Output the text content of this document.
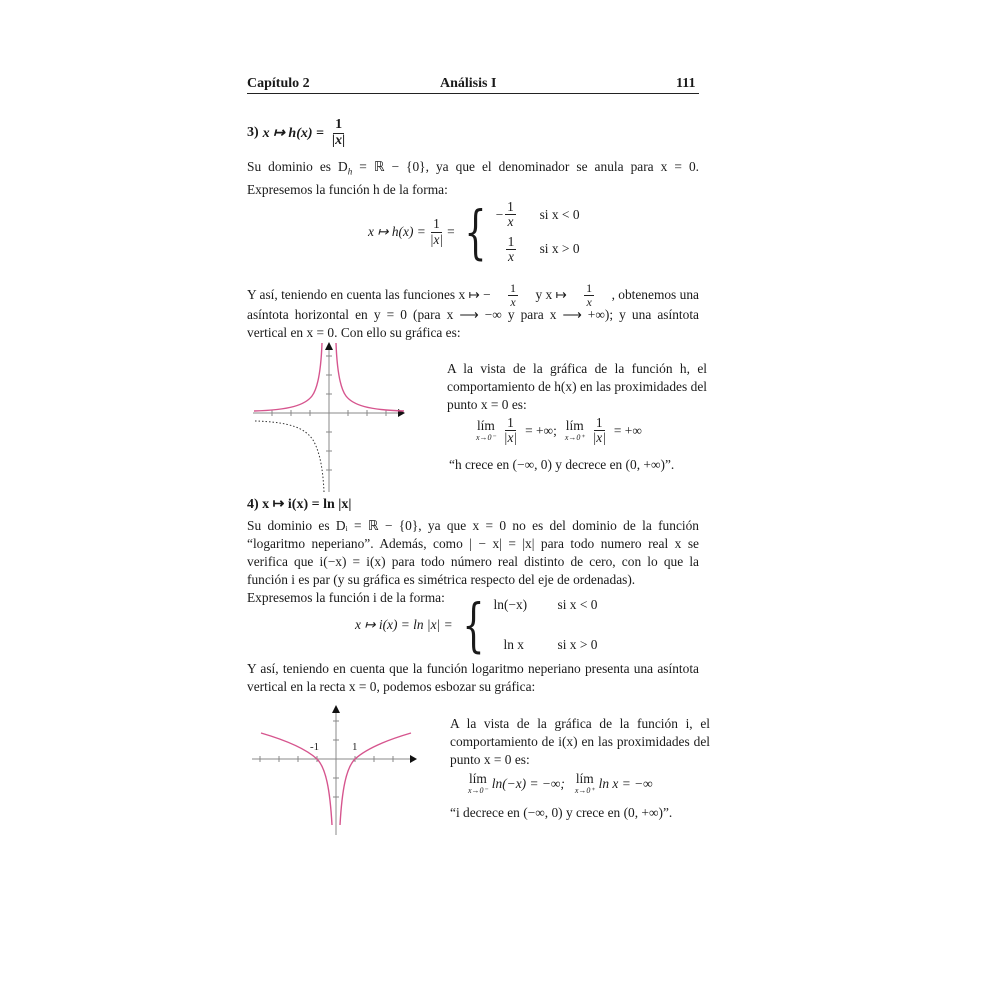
Capítulo 2	Análisis I	111
3) x ↦ $h(x) = \frac{1}{|x|}$
Su dominio es $D_h$ = ℝ − {0}, ya que el denominador se anula para x = 0.
Expresemos la función h de la forma:
x ↦ $h(x) = \frac{1}{|x|}$ = { − $\frac{1}{x}$ si x < 0
$\frac{1}{x}$ si x > 0
Y así, teniendo en cuenta las funciones x ↦ − $\frac{1}{x}$ y x ↦ $\frac{1}{x}$ , obtenemos una
asíntota horizontal en y = 0 (para x ⟶ −∞ y para x ⟶ +∞); y una asíntota
vertical en x = 0. Con ello su gráfica es:
A la vista de la gráfica de la función h, el comportamiento de h(x) en las proximidades del punto x = 0 es:
lím
$x\to 0^- \frac{1}{|x|}$ = +∞; lím
$x\to 0^+ \frac{1}{|x|}$ = +∞
“h crece en (−∞, 0) y decrece en (0, +∞)”.
4) x ↦ i(x) = ln |x|
Su dominio es Dᵢ = ℝ − {0}, ya que x = 0 no es del dominio de la función “logaritmo neperiano”. Además, como | − x| = |x| para todo numero real x se verifica que i(−x) = i(x) para todo número real distinto de cero, con lo que la función i es par (y su gráfica es simétrica respecto del eje de ordenadas).
Expresemos la función i de la forma:
x ↦ i(x) = ln |x| = { ln(−x)	si x < 0
ln x	si x > 0
Y así, teniendo en cuenta que la función logaritmo neperiano presenta una asíntota vertical en la recta x = 0, podemos esbozar su gráfica:
-1	1
A la vista de la gráfica de la función i, el comportamiento de i(x) en las proximidades del punto x = 0 es:
lím
x→0⁻
ln(−x) = −∞; lím
x→0⁺
ln x = −∞
“i decrece en (−∞, 0) y crece en (0, +∞)”.
